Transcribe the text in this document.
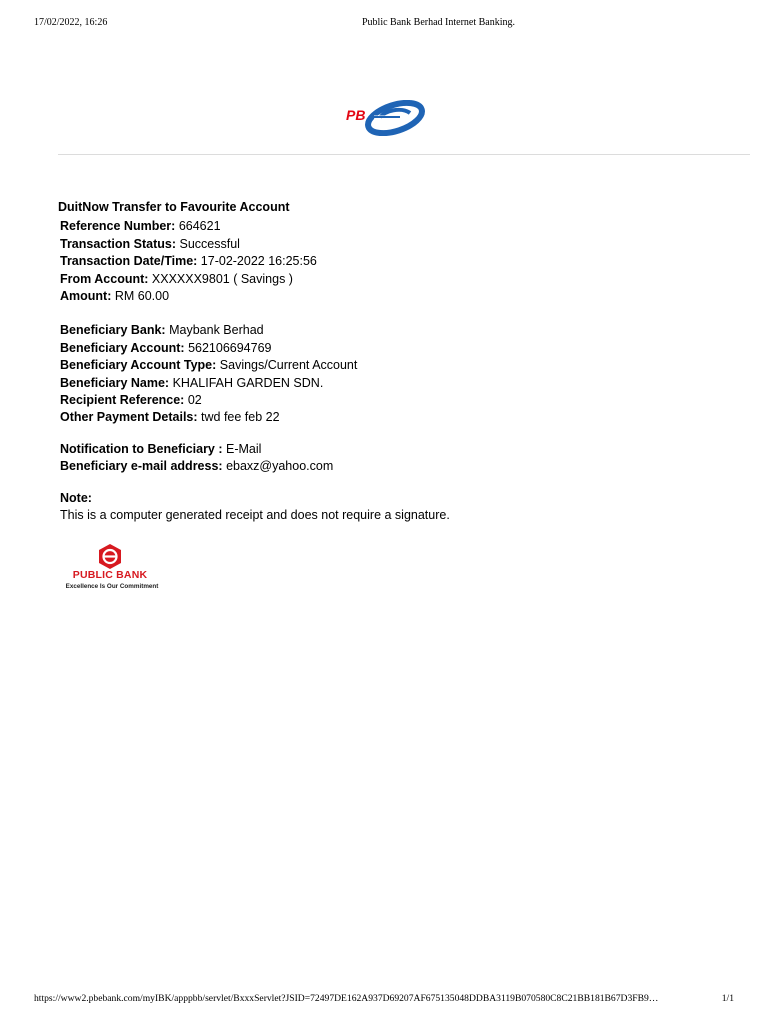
17/02/2022, 16:26	Public Bank Berhad Internet Banking.
PB
DuitNow Transfer to Favourite Account
Reference Number: 664621
Transaction Status: Successful
Transaction Date/Time: 17-02-2022 16:25:56
From Account: XXXXXX9801 ( Savings )
Amount: RM 60.00
Beneficiary Bank: Maybank Berhad
Beneficiary Account: 562106694769
Beneficiary Account Type: Savings/Current Account
Beneficiary Name: KHALIFAH GARDEN SDN.
Recipient Reference: 02
Other Payment Details: twd fee feb 22
Notification to Beneficiary : E-Mail
Beneficiary e-mail address: ebaxz@yahoo.com
Note:
This is a computer generated receipt and does not require a signature.
PUBLIC BANK
Excellence Is Our Commitment
https://www2.pbebank.com/myIBK/apppbb/servlet/BxxxServlet?JSID=72497DE162A937D69207AF675135048DDBA3119B070580C8C21BB181B67D3FB9…	1/1
